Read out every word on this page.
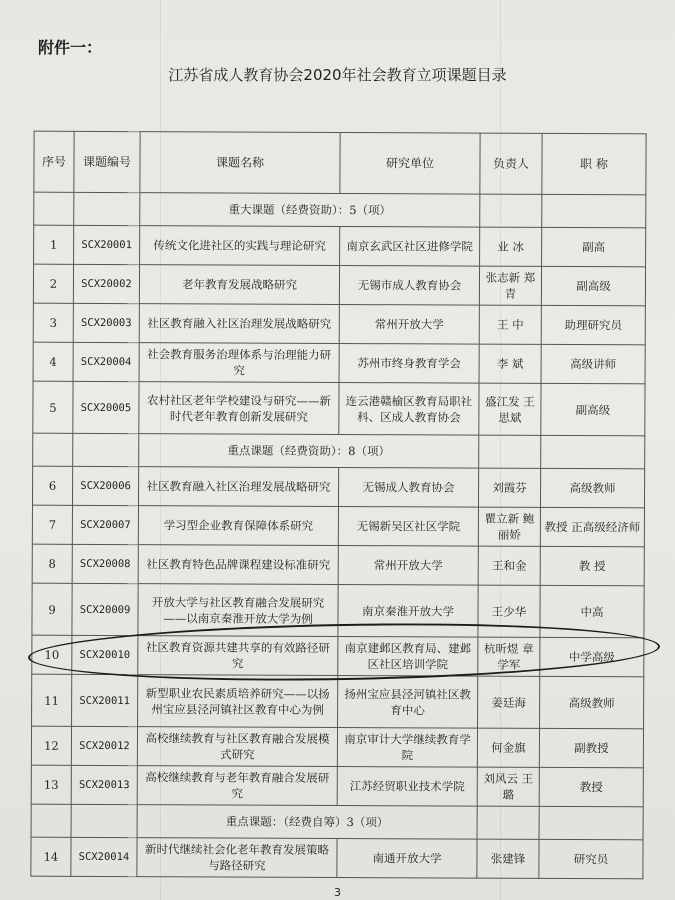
附件一：
江苏省成人教育协会2020年社会教育立项课题目录
序号	课题编号	课题名称	研究单位	负责人	职 称
		重大课题（经费资助）：5（项）			
1	SCX20001	传统文化进社区的实践与理论研究	南京玄武区社区进修学院	业 冰	副高
2	SCX20002	老年教育发展战略研究	无锡市成人教育协会	张志新 郑 青	副高级
3	SCX20003	社区教育融入社区治理发展战略研究	常州开放大学	王 中	助理研究员
4	SCX20004	社会教育服务治理体系与治理能力研究	苏州市终身教育学会	李 斌	高级讲师
5	SCX20005	农村社区老年学校建设与研究——新时代老年教育创新发展研究	连云港赣榆区教育局职社科、区成人教育协会	盛江发 王思斌	副高级
		重点课题（经费资助）：8（项）			
6	SCX20006	社区教育融入社区治理发展战略研究	无锡成人教育协会	刘霞芬	高级教师
7	SCX20007	学习型企业教育保障体系研究	无锡新吴区社区学院	瞿立新 鲍丽娇	教授 正高级经济师
8	SCX20008	社区教育特色品牌课程建设标准研究	常州开放大学	王和金	教 授
9	SCX20009	开放大学与社区教育融合发展研究 ——以南京秦淮开放大学为例	南京秦淮开放大学	王少华	中高
10	SCX20010	社区教育资源共建共享的有效路径研究	南京建邺区教育局、建邺区社区培训学院	杭昕煜 章学军	中学高级
11	SCX20011	新型职业农民素质培养研究——以扬州宝应县泾河镇社区教育中心为例	扬州宝应县泾河镇社区教育中心	姜廷海	高级教师
12	SCX20012	高校继续教育与社区教育融合发展模式研究	南京审计大学继续教育学院	何金旗	副教授
13	SCX20013	高校继续教育与老年教育融合发展研究	江苏经贸职业技术学院	刘风云 王 璐	教授
		重点课题：（经费自筹）3（项）			
14	SCX20014	新时代继续社会化老年教育发展策略与路径研究	南通开放大学	张建锋	研究员
3
